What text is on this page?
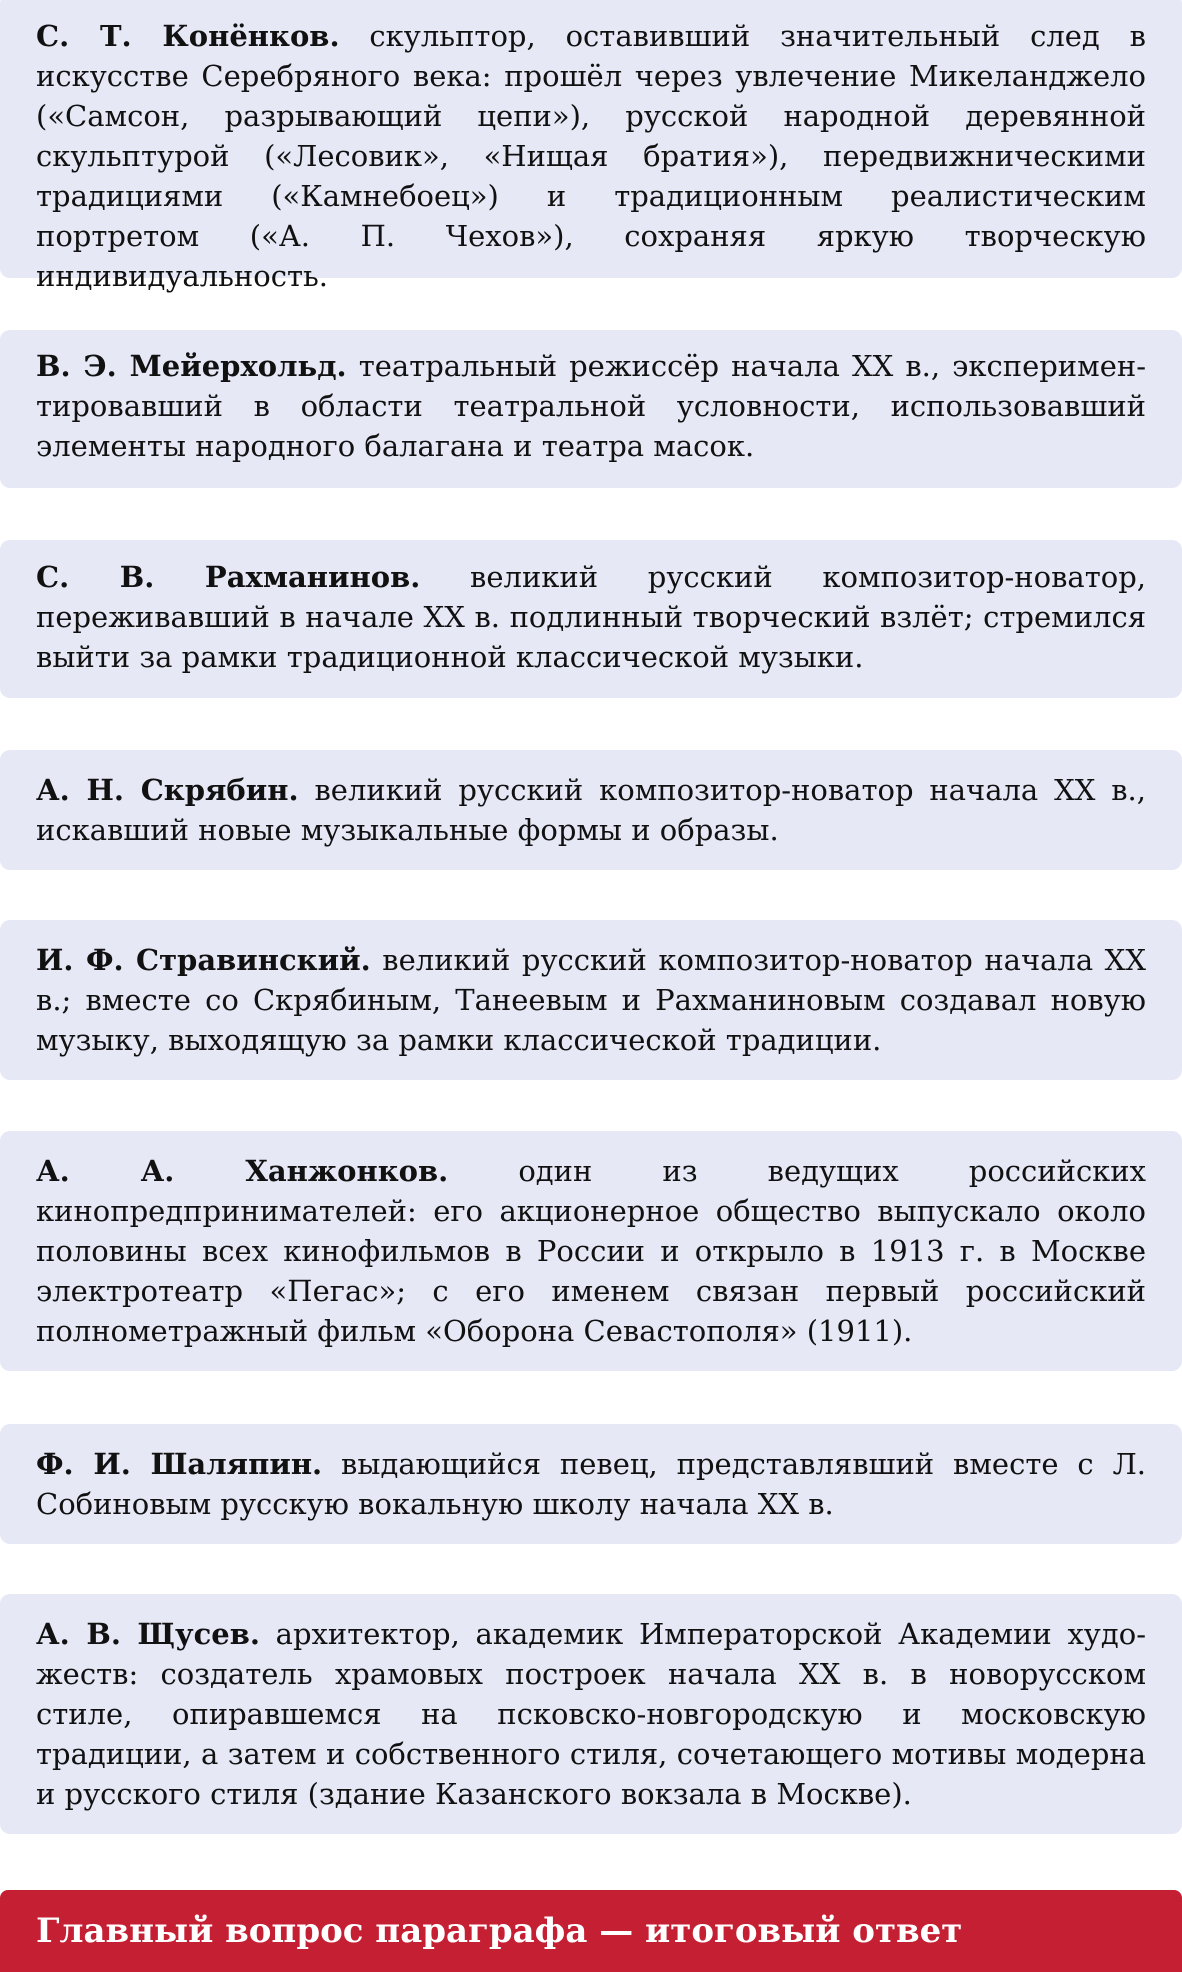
С. Т. Конёнков. скульптор, оставивший значительный след в искусстве Серебряного века: прошёл через увлечение Микеланджело («Самсон, разрывающий цепи»), русской народной деревянной скульптурой («Лесовик», «Нищая братия»), передвижническими традициями («Камнебоец») и традиционным реалистическим портретом («А. П. Чехов»), сохраняя яркую творческую индивидуальность.

В. Э. Мейерхольд. театральный режиссёр начала XX в., экспериментировавший в области театральной условности, использовавший элементы народного балагана и театра масок.

С. В. Рахманинов. великий русский композитор-новатор, переживавший в начале XX в. подлинный творческий взлёт; стремился выйти за рамки традиционной классической музыки.

А. Н. Скрябин. великий русский композитор-новатор начала XX в., искавший новые музыкальные формы и образы.

И. Ф. Стравинский. великий русский композитор-новатор начала XX в.; вместе со Скрябиным, Танеевым и Рахманиновым создавал новую музыку, выходящую за рамки классической традиции.

А. А. Ханжонков. один из ведущих российских кинопредпринимателей: его акционерное общество выпускало около половины всех кинофильмов в России и открыло в 1913 г. в Москве электротеатр «Пегас»; с его именем связан первый российский полнометражный фильм «Оборона Севастополя» (1911).

Ф. И. Шаляпин. выдающийся певец, представлявший вместе с Л. Собиновым русскую вокальную школу начала XX в.

А. В. Щусев. архитектор, академик Императорской Академии художеств: создатель храмовых построек начала XX в. в новорусском стиле, опиравшемся на псковско-новгородскую и московскую традиции, а затем и собственного стиля, сочетающего мотивы модерна и русского стиля (здание Казанского вокзала в Москве).

Главный вопрос параграфа — итоговый ответ
